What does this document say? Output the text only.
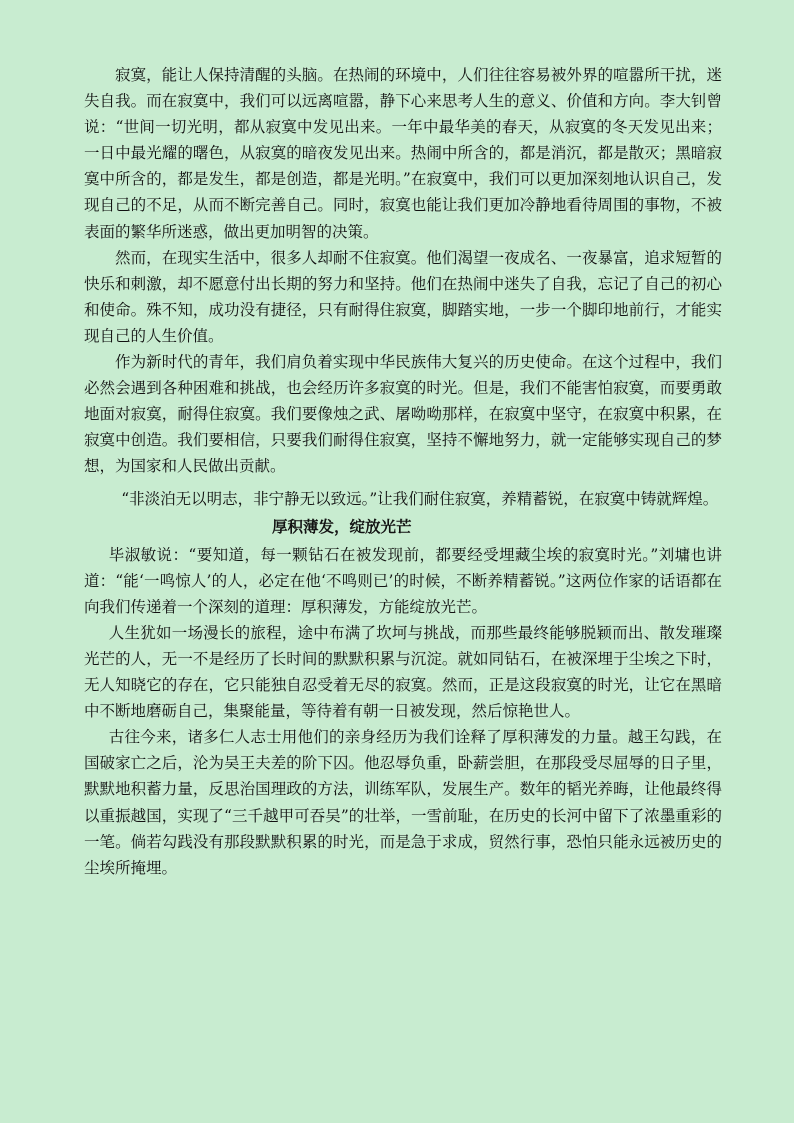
寂寞，能让人保持清醒的头脑。在热闹的环境中，人们往往容易被外界的喧嚣所干扰，迷失自我。而在寂寞中，我们可以远离喧嚣，静下心来思考人生的意义、价值和方向。李大钊曾说：“世间一切光明，都从寂寞中发见出来。一年中最华美的春天，从寂寞的冬天发见出来；一日中最光耀的曙色，从寂寞的暗夜发见出来。热闹中所含的，都是消沉，都是散灭；黑暗寂寞中所含的，都是发生，都是创造，都是光明。”在寂寞中，我们可以更加深刻地认识自己，发现自己的不足，从而不断完善自己。同时，寂寞也能让我们更加冷静地看待周围的事物，不被表面的繁华所迷惑，做出更加明智的决策。

然而，在现实生活中，很多人却耐不住寂寞。他们渴望一夜成名、一夜暴富，追求短暂的快乐和刺激，却不愿意付出长期的努力和坚持。他们在热闹中迷失了自我，忘记了自己的初心和使命。殊不知，成功没有捷径，只有耐得住寂寞，脚踏实地，一步一个脚印地前行，才能实现自己的人生价值。

作为新时代的青年，我们肩负着实现中华民族伟大复兴的历史使命。在这个过程中，我们必然会遇到各种困难和挑战，也会经历许多寂寞的时光。但是，我们不能害怕寂寞，而要勇敢地面对寂寞，耐得住寂寞。我们要像烛之武、屠呦呦那样，在寂寞中坚守，在寂寞中积累，在寂寞中创造。我们要相信，只要我们耐得住寂寞，坚持不懈地努力，就一定能够实现自己的梦想，为国家和人民做出贡献。

“非淡泊无以明志，非宁静无以致远。”让我们耐住寂寞，养精蓄锐，在寂寞中铸就辉煌。

厚积薄发，绽放光芒

毕淑敏说：“要知道，每一颗钻石在被发现前，都要经受埋藏尘埃的寂寞时光。”刘墉也讲道：“能‘一鸣惊人’的人，必定在他‘不鸣则已’的时候，不断养精蓄锐。”这两位作家的话语都在向我们传递着一个深刻的道理：厚积薄发，方能绽放光芒。

人生犹如一场漫长的旅程，途中布满了坎坷与挑战，而那些最终能够脱颖而出、散发璀璨光芒的人，无一不是经历了长时间的默默积累与沉淀。就如同钻石，在被深埋于尘埃之下时，无人知晓它的存在，它只能独自忍受着无尽的寂寞。然而，正是这段寂寞的时光，让它在黑暗中不断地磨砺自己，集聚能量，等待着有朝一日被发现，然后惊艳世人。

古往今来，诸多仁人志士用他们的亲身经历为我们诠释了厚积薄发的力量。越王勾践，在国破家亡之后，沦为吴王夫差的阶下囚。他忍辱负重，卧薪尝胆，在那段受尽屈辱的日子里，默默地积蓄力量，反思治国理政的方法，训练军队，发展生产。数年的韬光养晦，让他最终得以重振越国，实现了“三千越甲可吞吴”的壮举，一雪前耻，在历史的长河中留下了浓墨重彩的一笔。倘若勾践没有那段默默积累的时光，而是急于求成，贸然行事，恐怕只能永远被历史的尘埃所掩埋。
